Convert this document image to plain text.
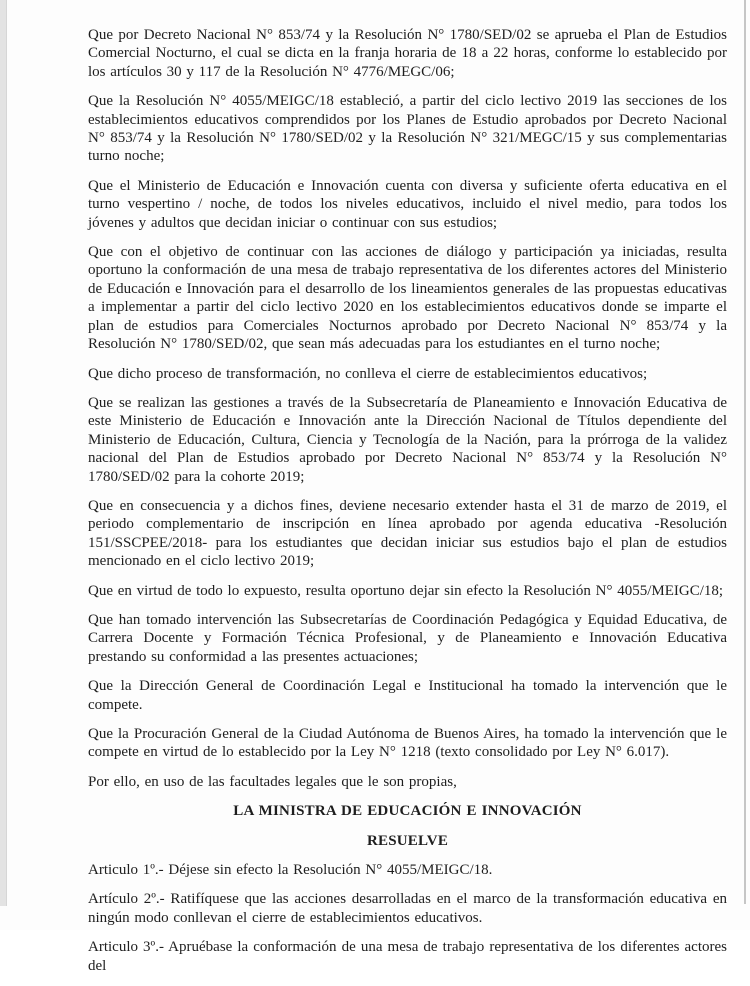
Que por Decreto Nacional N° 853/74 y la Resolución N° 1780/SED/02 se aprueba el Plan de Estudios Comercial Nocturno, el cual se dicta en la franja horaria de 18 a 22 horas, conforme lo establecido por los artículos 30 y 117 de la Resolución N° 4776/MEGC/06;

Que la Resolución N° 4055/MEIGC/18 estableció, a partir del ciclo lectivo 2019 las secciones de los establecimientos educativos comprendidos por los Planes de Estudio aprobados por Decreto Nacional N° 853/74 y la Resolución N° 1780/SED/02 y la Resolución N° 321/MEGC/15 y sus complementarias turno noche;

Que el Ministerio de Educación e Innovación cuenta con diversa y suficiente oferta educativa en el turno vespertino / noche, de todos los niveles educativos, incluido el nivel medio, para todos los jóvenes y adultos que decidan iniciar o continuar con sus estudios;

Que con el objetivo de continuar con las acciones de diálogo y participación ya iniciadas, resulta oportuno la conformación de una mesa de trabajo representativa de los diferentes actores del Ministerio de Educación e Innovación para el desarrollo de los lineamientos generales de las propuestas educativas a implementar a partir del ciclo lectivo 2020 en los establecimientos educativos donde se imparte el plan de estudios para Comerciales Nocturnos aprobado por Decreto Nacional N° 853/74 y la Resolución N° 1780/SED/02, que sean más adecuadas para los estudiantes en el turno noche;

Que dicho proceso de transformación, no conlleva el cierre de establecimientos educativos;

Que se realizan las gestiones a través de la Subsecretaría de Planeamiento e Innovación Educativa de este Ministerio de Educación e Innovación ante la Dirección Nacional de Títulos dependiente del Ministerio de Educación, Cultura, Ciencia y Tecnología de la Nación, para la prórroga de la validez nacional del Plan de Estudios aprobado por Decreto Nacional N° 853/74 y la Resolución N° 1780/SED/02 para la cohorte 2019;

Que en consecuencia y a dichos fines, deviene necesario extender hasta el 31 de marzo de 2019, el periodo complementario de inscripción en línea aprobado por agenda educativa -Resolución 151/SSCPEE/2018- para los estudiantes que decidan iniciar sus estudios bajo el plan de estudios mencionado en el ciclo lectivo 2019;

Que en virtud de todo lo expuesto, resulta oportuno dejar sin efecto la Resolución N° 4055/MEIGC/18;

Que han tomado intervención las Subsecretarías de Coordinación Pedagógica y Equidad Educativa, de Carrera Docente y Formación Técnica Profesional, y de Planeamiento e Innovación Educativa prestando su conformidad a las presentes actuaciones;

Que la Dirección General de Coordinación Legal e Institucional ha tomado la intervención que le compete.

Que la Procuración General de la Ciudad Autónoma de Buenos Aires, ha tomado la intervención que le compete en virtud de lo establecido por la Ley N° 1218 (texto consolidado por Ley N° 6.017).

Por ello, en uso de las facultades legales que le son propias,

LA MINISTRA DE EDUCACIÓN E INNOVACIÓN

RESUELVE

Articulo 1º.- Déjese sin efecto la Resolución N° 4055/MEIGC/18.

Artículo 2º.- Ratifíquese que las acciones desarrolladas en el marco de la transformación educativa en ningún modo conllevan el cierre de establecimientos educativos.

Articulo 3º.- Apruébase la conformación de una mesa de trabajo representativa de los diferentes actores del
